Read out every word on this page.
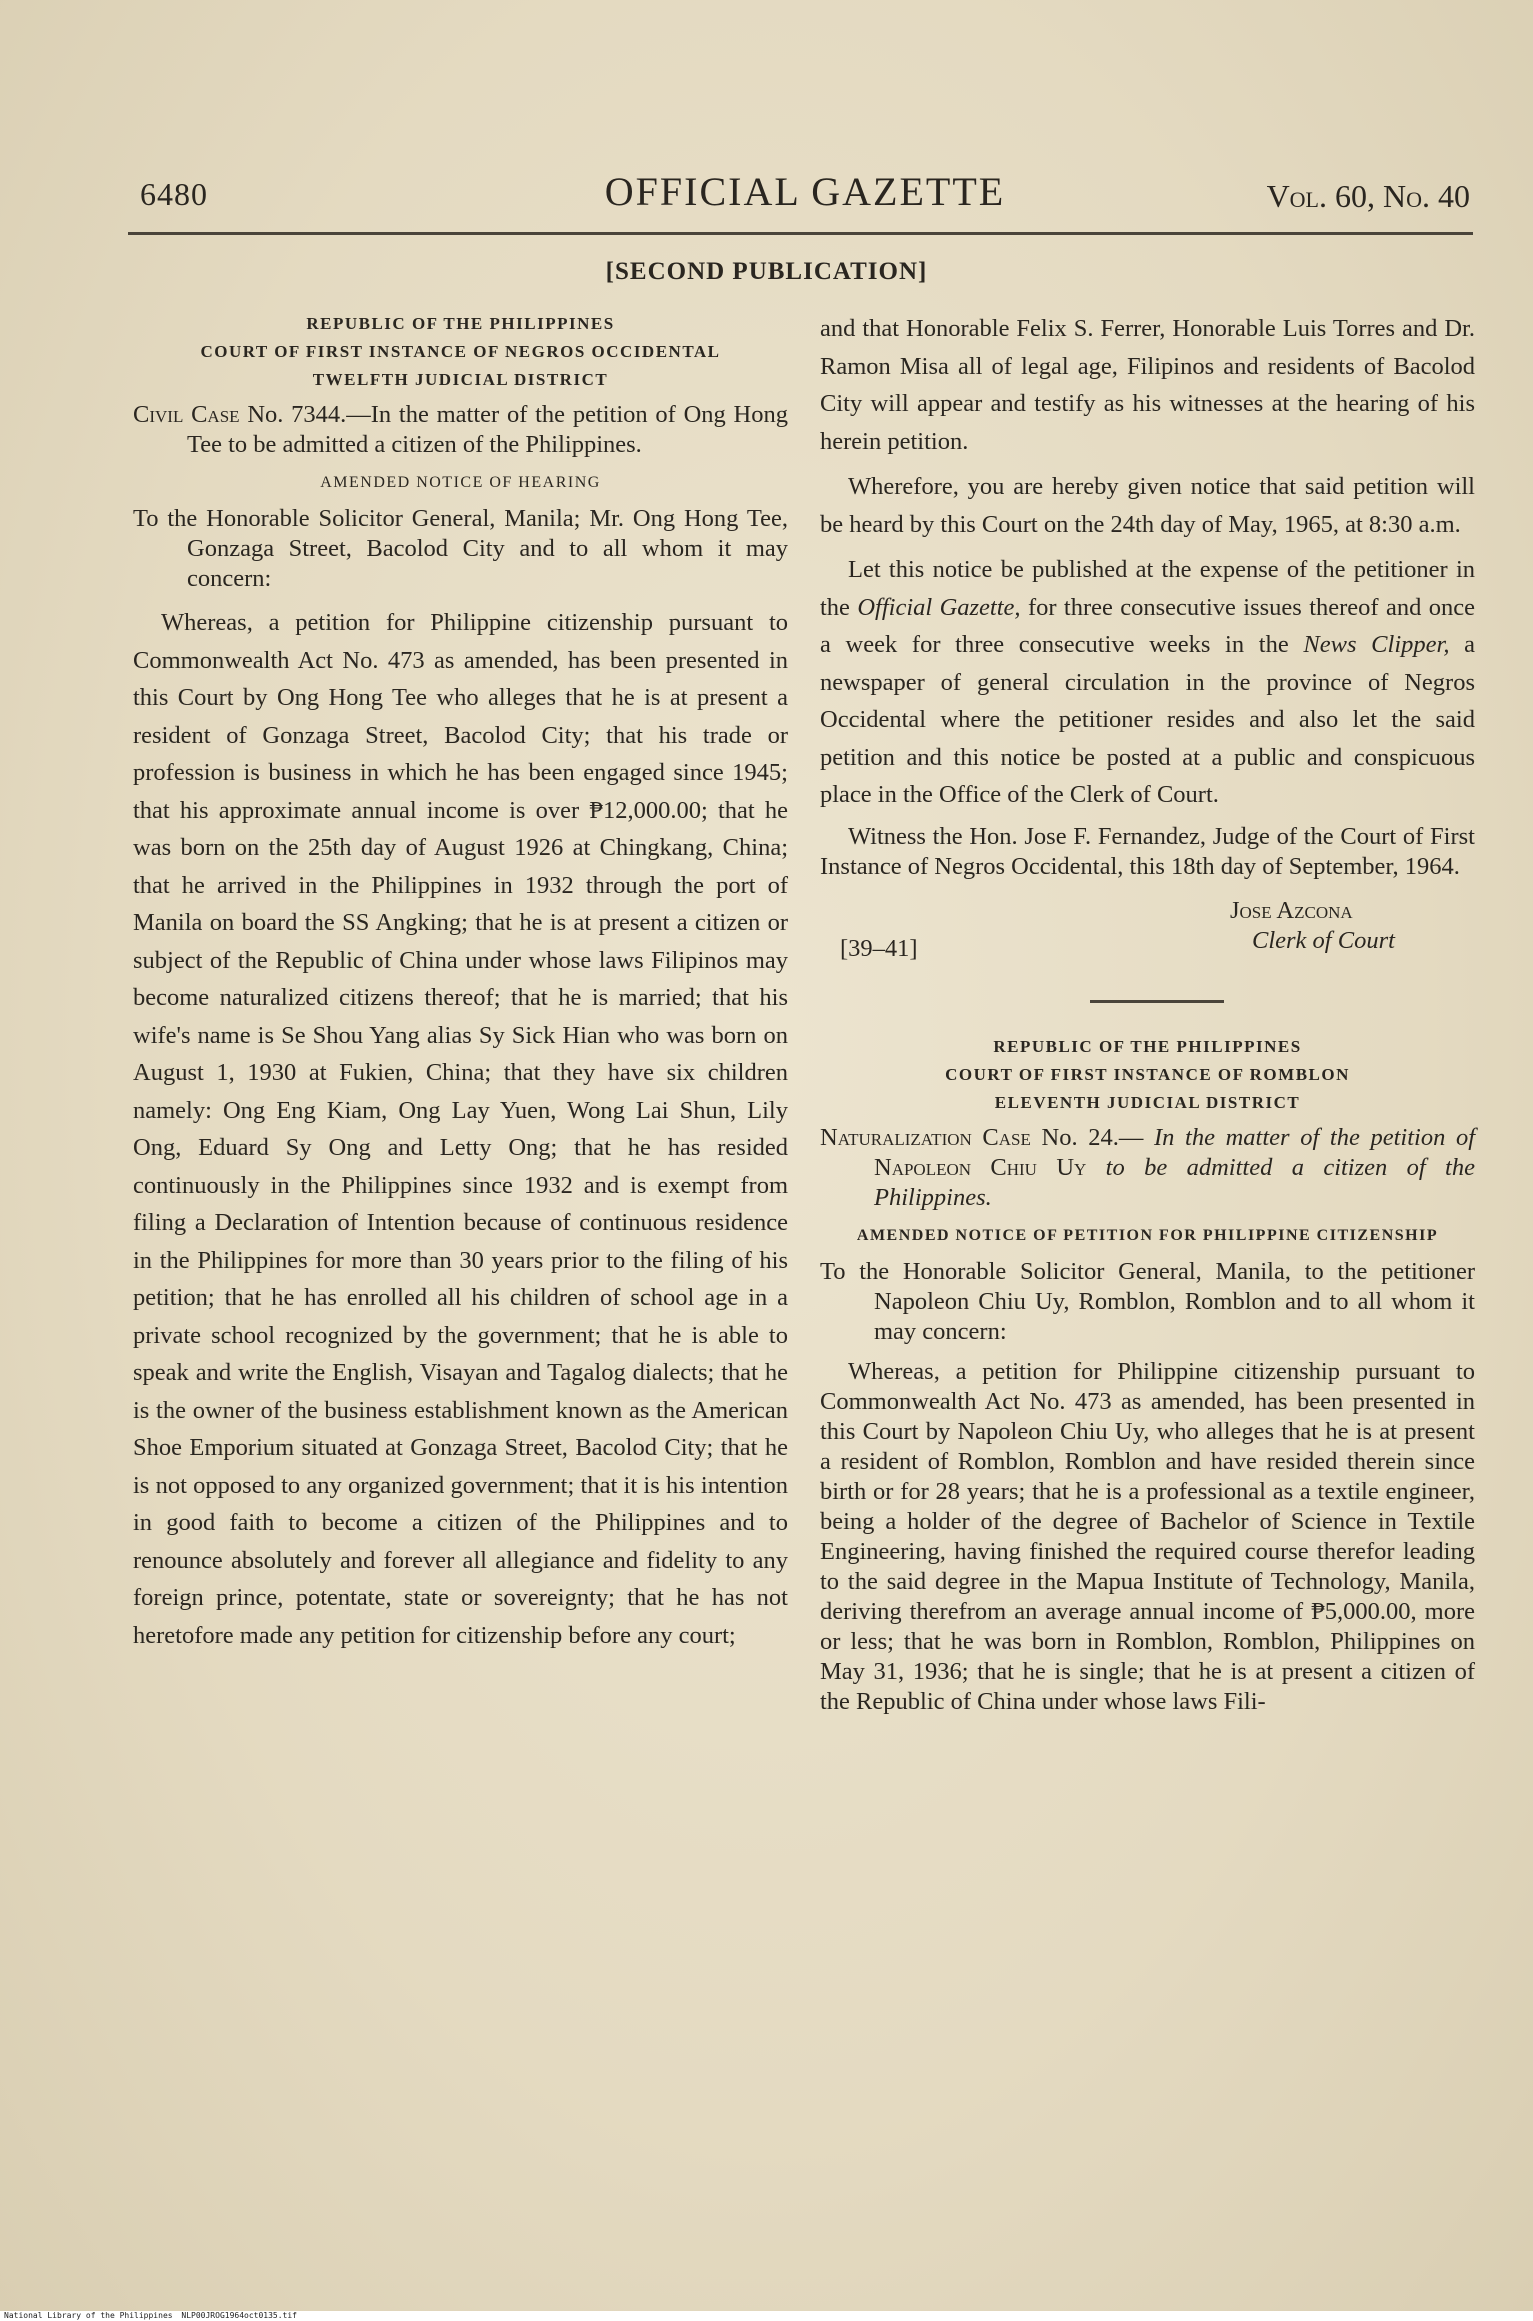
6480	OFFICIAL GAZETTE	Vol. 60, No. 40
[SECOND PUBLICATION]
REPUBLIC OF THE PHILIPPINES
COURT OF FIRST INSTANCE OF NEGROS OCCIDENTAL
TWELFTH JUDICIAL DISTRICT
Civil Case No. 7344.—In the matter of the petition of Ong Hong Tee to be admitted a citizen of the Philippines.
AMENDED NOTICE OF HEARING
To the Honorable Solicitor General, Manila; Mr. Ong Hong Tee, Gonzaga Street, Bacolod City and to all whom it may concern:

Whereas, a petition for Philippine citizenship pursuant to Commonwealth Act No. 473 as amended, has been presented in this Court by Ong Hong Tee who alleges that he is at present a resident of Gonzaga Street, Bacolod City; that his trade or profession is business in which he has been engaged since 1945; that his approximate annual income is over ₱12,000.00; that he was born on the 25th day of August 1926 at Chingkang, China; that he arrived in the Philippines in 1932 through the port of Manila on board the SS Angking; that he is at present a citizen or subject of the Republic of China under whose laws Filipinos may become naturalized citizens thereof; that he is married; that his wife's name is Se Shou Yang alias Sy Sick Hian who was born on August 1, 1930 at Fukien, China; that they have six children namely: Ong Eng Kiam, Ong Lay Yuen, Wong Lai Shun, Lily Ong, Eduard Sy Ong and Letty Ong; that he has resided continuously in the Philippines since 1932 and is exempt from filing a Declaration of Intention because of continuous residence in the Philippines for more than 30 years prior to the filing of his petition; that he has enrolled all his children of school age in a private school recognized by the government; that he is able to speak and write the English, Visayan and Tagalog dialects; that he is the owner of the business establishment known as the American Shoe Emporium situated at Gonzaga Street, Bacolod City; that he is not opposed to any organized government; that it is his intention in good faith to become a citizen of the Philippines and to renounce absolutely and forever all allegiance and fidelity to any foreign prince, potentate, state or sovereignty; that he has not heretofore made any petition for citizenship before any court;

and that Honorable Felix S. Ferrer, Honorable Luis Torres and Dr. Ramon Misa all of legal age, Filipinos and residents of Bacolod City will appear and testify as his witnesses at the hearing of his herein petition.

Wherefore, you are hereby given notice that said petition will be heard by this Court on the 24th day of May, 1965, at 8:30 a.m.

Let this notice be published at the expense of the petitioner in the Official Gazette, for three consecutive issues thereof and once a week for three consecutive weeks in the News Clipper, a newspaper of general circulation in the province of Negros Occidental where the petitioner resides and also let the said petition and this notice be posted at a public and conspicuous place in the Office of the Clerk of Court.

Witness the Hon. Jose F. Fernandez, Judge of the Court of First Instance of Negros Occidental, this 18th day of September, 1964.

Jose Azcona
Clerk of Court
[39–41]
REPUBLIC OF THE PHILIPPINES
COURT OF FIRST INSTANCE OF ROMBLON
ELEVENTH JUDICIAL DISTRICT
Naturalization Case No. 24.— In the matter of the petition of Napoleon Chiu Uy to be admitted a citizen of the Philippines.
AMENDED NOTICE OF PETITION FOR PHILIPPINE CITIZENSHIP
To the Honorable Solicitor General, Manila, to the petitioner Napoleon Chiu Uy, Romblon, Romblon and to all whom it may concern:

Whereas, a petition for Philippine citizenship pursuant to Commonwealth Act No. 473 as amended, has been presented in this Court by Napoleon Chiu Uy, who alleges that he is at present a resident of Romblon, Romblon and have resided therein since birth or for 28 years; that he is a professional as a textile engineer, being a holder of the degree of Bachelor of Science in Textile Engineering, having finished the required course therefor leading to the said degree in the Mapua Institute of Technology, Manila, deriving therefrom an average annual income of ₱5,000.00, more or less; that he was born in Romblon, Romblon, Philippines on May 31, 1936; that he is single; that he is at present a citizen of the Republic of China under whose laws Fili-

National Library of the Philippines NLP00JROG1964oct0135.tif
